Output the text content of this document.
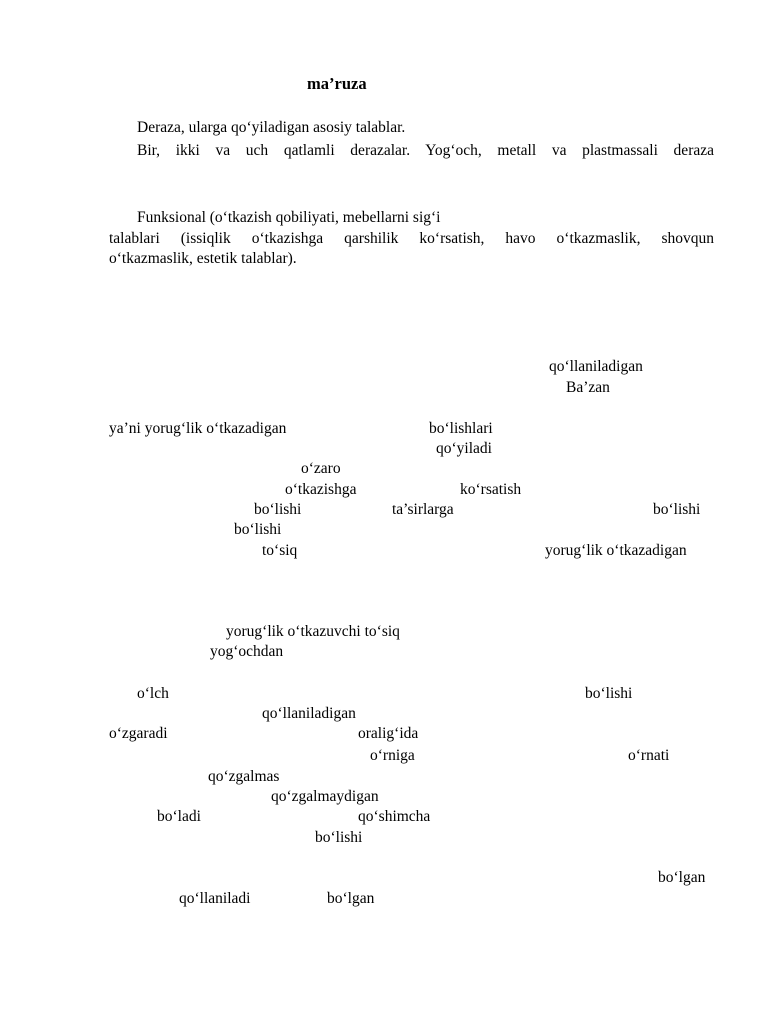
ma’ruza
Deraza, ularga qo‘yiladigan asosiy talablar.
Bir, ikki va uch qatlamli derazalar. Yog‘och, metall va plastmassali deraza
Funksional (o‘tkazish qobiliyati, mebellarni sig‘i
talablari (issiqlik o‘tkazishga qarshilik ko‘rsatish, havo o‘tkazmaslik, shovqun
o‘tkazmaslik, estetik talablar).
qo‘llaniladigan
Ba’zan
ya’ni yorug‘lik o‘tkazadigan	bo‘lishlari
qo‘yiladi
o‘zaro
o‘tkazishga	ko‘rsatish
bo‘lishi	ta’sirlarga	bo‘lishi
bo‘lishi
to‘siq	yorug‘lik o‘tkazadigan
yorug‘lik o‘tkazuvchi to‘siq
yog‘ochdan
o‘lch	bo‘lishi
qo‘llaniladigan
o‘zgaradi	oralig‘ida
o‘rniga	o‘rnati
qo‘zgalmas
qo‘zgalmaydigan
bo‘ladi	qo‘shimcha
bo‘lishi
bo‘lgan
qo‘llaniladi	bo‘lgan
